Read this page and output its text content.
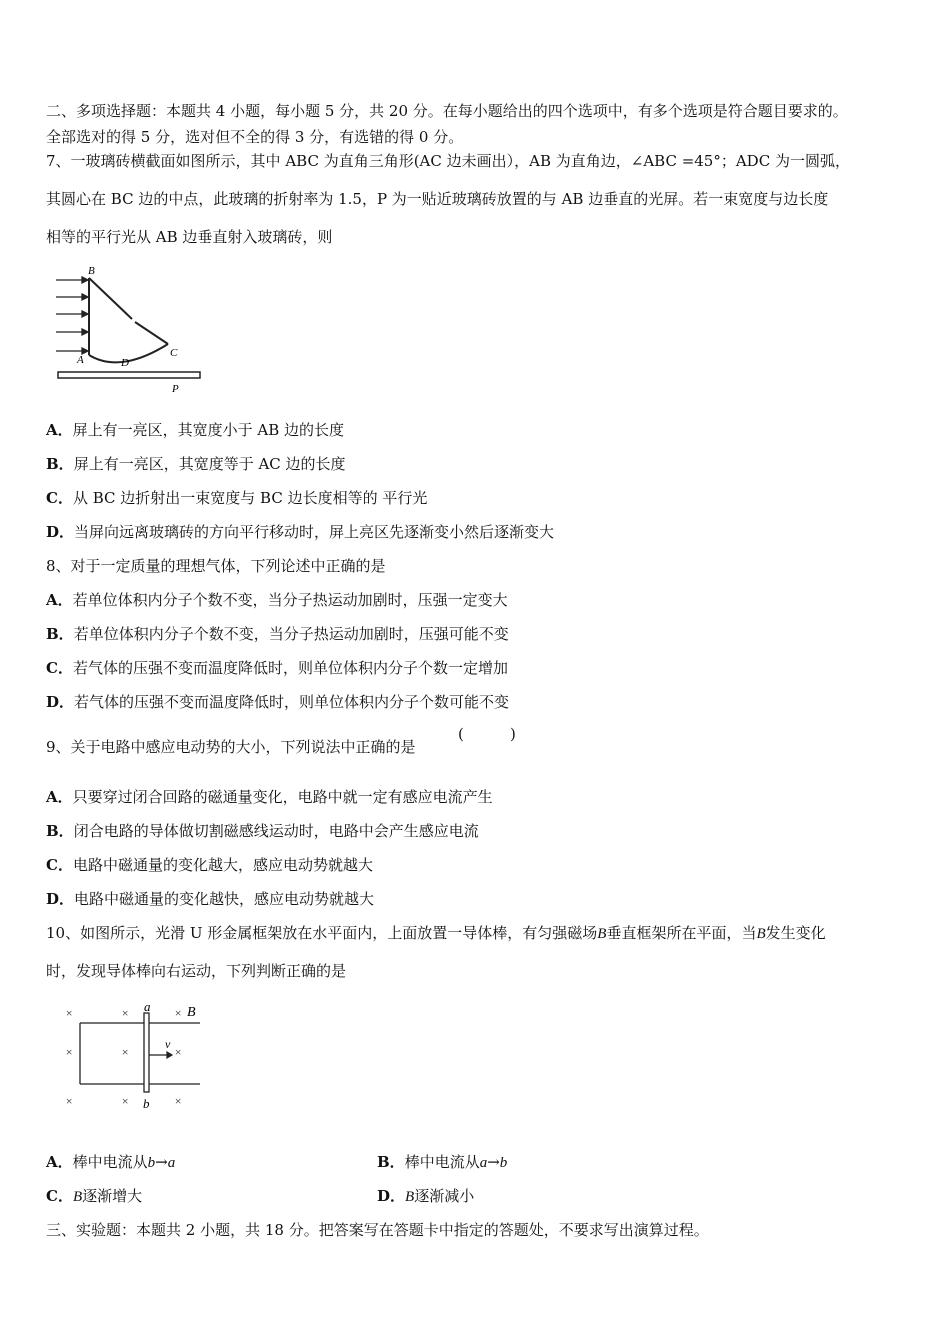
二、多项选择题：本题共 4 小题，每小题 5 分，共 20 分。在每小题给出的四个选项中，有多个选项是符合题目要求的。
全部选对的得 5 分，选对但不全的得 3 分，有选错的得 0 分。
7、一玻璃砖横截面如图所示，其中 ABC 为直角三角形(AC 边未画出），AB 为直角边，∠ABC =45°；ADC 为一圆弧，
其圆心在 BC 边的中点，此玻璃的折射率为 1.5，P 为一贴近玻璃砖放置的与 AB 边垂直的光屏。若一束宽度与边长度
相等的平行光从 AB 边垂直射入玻璃砖，则
B
A	D
C
P
A．屏上有一亮区，其宽度小于 AB 边的长度
B．屏上有一亮区，其宽度等于 AC 边的长度
C．从 BC 边折射出一束宽度与 BC 边长度相等的 平行光
D．当屏向远离玻璃砖的方向平行移动时，屏上亮区先逐渐变小然后逐渐变大
8、对于一定质量的理想气体，下列论述中正确的是
A．若单位体积内分子个数不变，当分子热运动加剧时，压强一定变大
B．若单位体积内分子个数不变，当分子热运动加剧时，压强可能不变
C．若气体的压强不变而温度降低时，则单位体积内分子个数一定增加
D．若气体的压强不变而温度降低时，则单位体积内分子个数可能不变
9、关于电路中感应电动势的大小，下列说法中正确的是
(	)
A．只要穿过闭合回路的磁通量变化，电路中就一定有感应电流产生
B．闭合电路的导体做切割磁感线运动时，电路中会产生感应电流
C．电路中磁通量的变化越大，感应电动势就越大
D．电路中磁通量的变化越快，感应电动势就越大
10、如图所示，光滑 U 形金属框架放在水平面内，上面放置一导体棒，有匀强磁场B垂直框架所在平面，当B发生变化
时，发现导体棒向右运动，下列判断正确的是
×	×	×
×	×	×
×	×	×
a
b
B
v
A．棒中电流从b→a	B．棒中电流从a→b
C．B逐渐增大	D．B逐渐减小
三、实验题：本题共 2 小题，共 18 分。把答案写在答题卡中指定的答题处，不要求写出演算过程。
